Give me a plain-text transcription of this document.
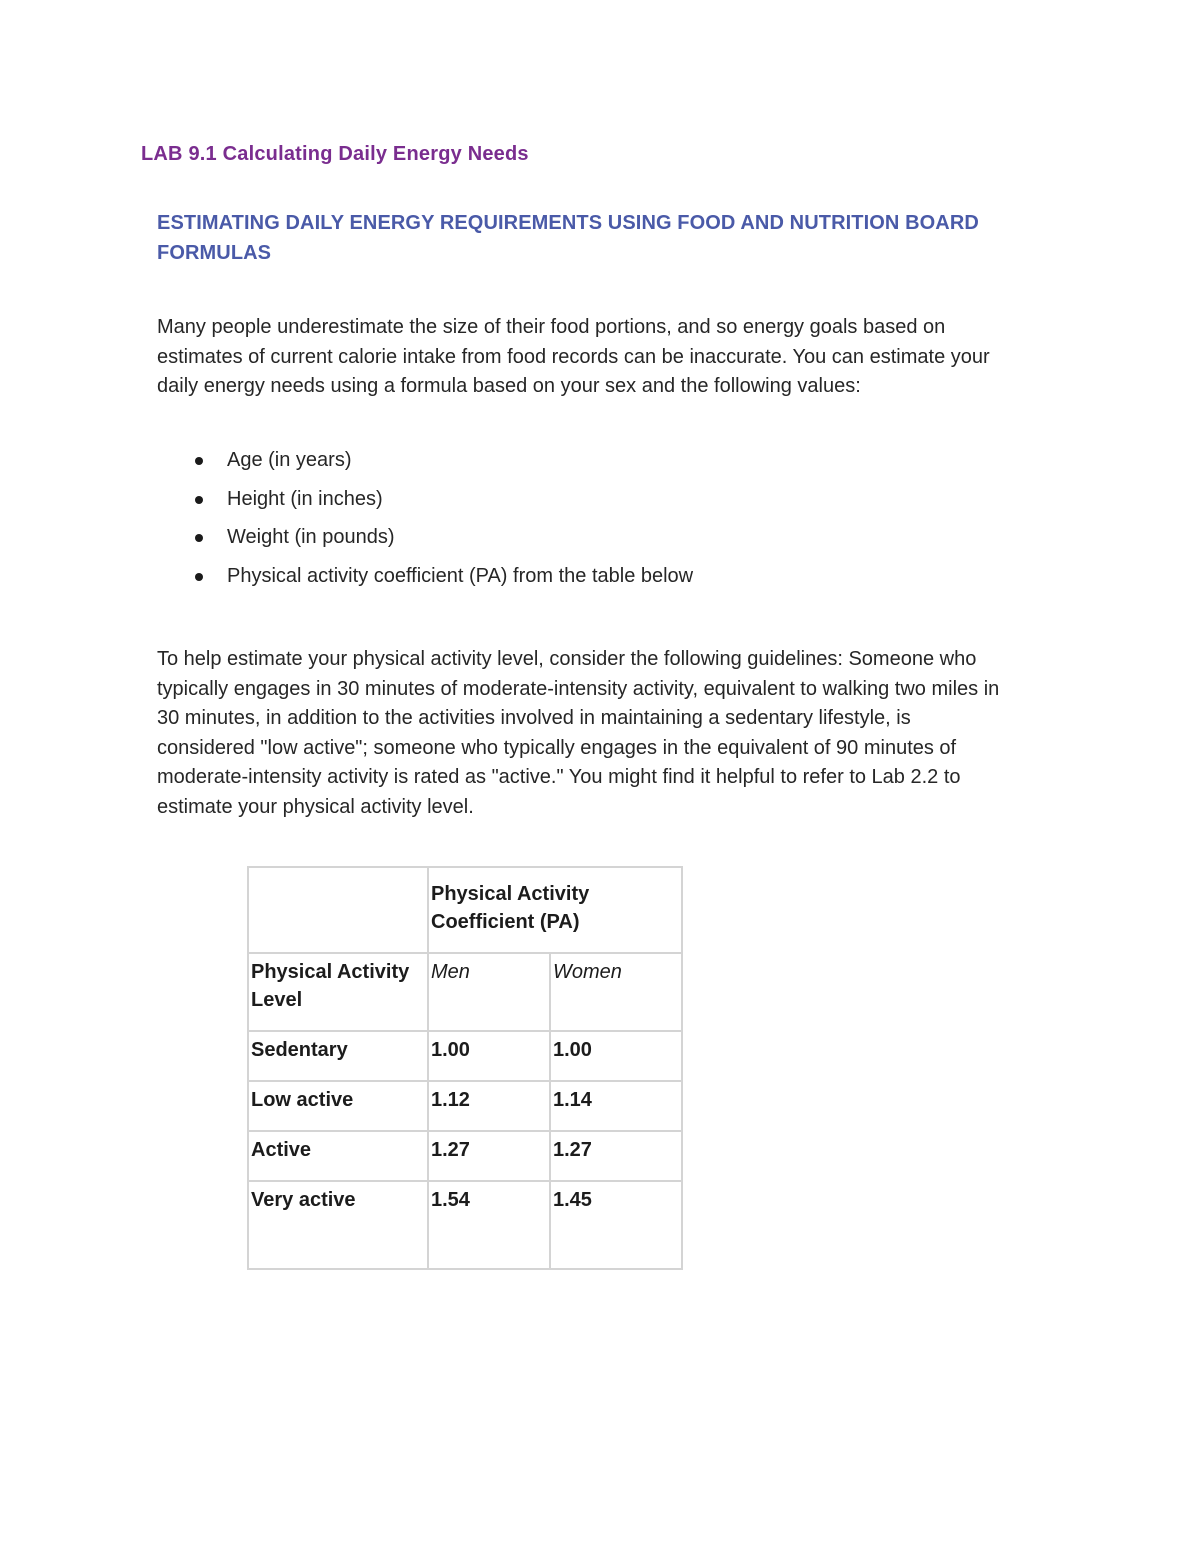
LAB 9.1 Calculating Daily Energy Needs
ESTIMATING DAILY ENERGY REQUIREMENTS USING FOOD AND NUTRITION BOARD FORMULAS

Many people underestimate the size of their food portions, and so energy goals based on estimates of current calorie intake from food records can be inaccurate. You can estimate your daily energy needs using a formula based on your sex and the following values:

Age (in years)
Height (in inches)
Weight (in pounds)
Physical activity coefficient (PA) from the table below

To help estimate your physical activity level, consider the following guidelines: Someone who typically engages in 30 minutes of moderate-intensity activity, equivalent to walking two miles in 30 minutes, in addition to the activities involved in maintaining a sedentary lifestyle, is considered "low active"; someone who typically engages in the equivalent of 90 minutes of moderate-intensity activity is rated as "active." You might find it helpful to refer to Lab 2.2 to estimate your physical activity level.

	Physical Activity Coefficient (PA)	
Physical Activity Level	Men	Women
Sedentary	1.00	1.00
Low active	1.12	1.14
Active	1.27	1.27
Very active	1.54	1.45
